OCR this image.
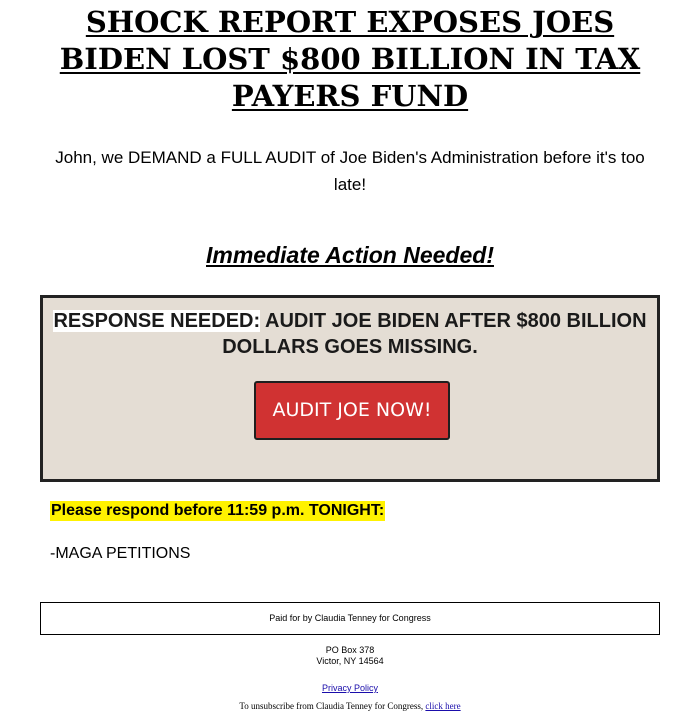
SHOCK REPORT EXPOSES JOES BIDEN LOST $800 BILLION IN TAX PAYERS FUND

John, we DEMAND a FULL AUDIT of Joe Biden's Administration before it's too late!

Immediate Action Needed!

RESPONSE NEEDED: AUDIT JOE BIDEN AFTER $800 BILLION DOLLARS GOES MISSING.

AUDIT JOE NOW!

Please respond before 11:59 p.m. TONIGHT:

-MAGA PETITIONS

Paid for by Claudia Tenney for Congress
PO Box 378
Victor, NY 14564
Privacy Policy
To unsubscribe from Claudia Tenney for Congress, click here
